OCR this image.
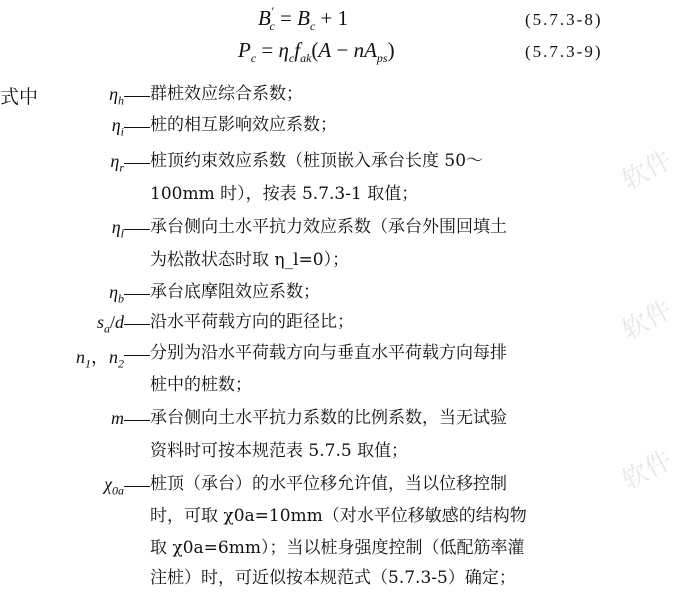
软件
软件
软件
$B'_c = B_c + 1$	(5.7.3-8)
$P_c = \eta_cf_{ak}(A - nA_{ps})$	(5.7.3-9)
式中	$\eta_h$ 群桩效应综合系数；
$\eta_i$ 桩的相互影响效应系数；
$\eta_r$ 桩顶约束效应系数（桩顶嵌入承台长度 50～
100mm 时），按表 5.7.3-1 取值；
$\eta_l$ 承台侧向土水平抗力效应系数（承台外围回填土
为松散状态时取 η_l=0）；
$\eta_b$ 承台底摩阻效应系数；
$s_a/d$ 沿水平荷载方向的距径比；
$n_1$，$n_2$
分别为沿水平荷载方向与垂直水平荷载方向每排
桩中的桩数；
m 承台侧向土水平抗力系数的比例系数，当无试验
资料时可按本规范表 5.7.5 取值；
$\chi_{0a}$ 桩顶（承台）的水平位移允许值，当以位移控制
时，可取 χ0a=10mm（对水平位移敏感的结构物
取 χ0a=6mm）；当以桩身强度控制（低配筋率灌
注桩）时，可近似按本规范式（5.7.3-5）确定；
